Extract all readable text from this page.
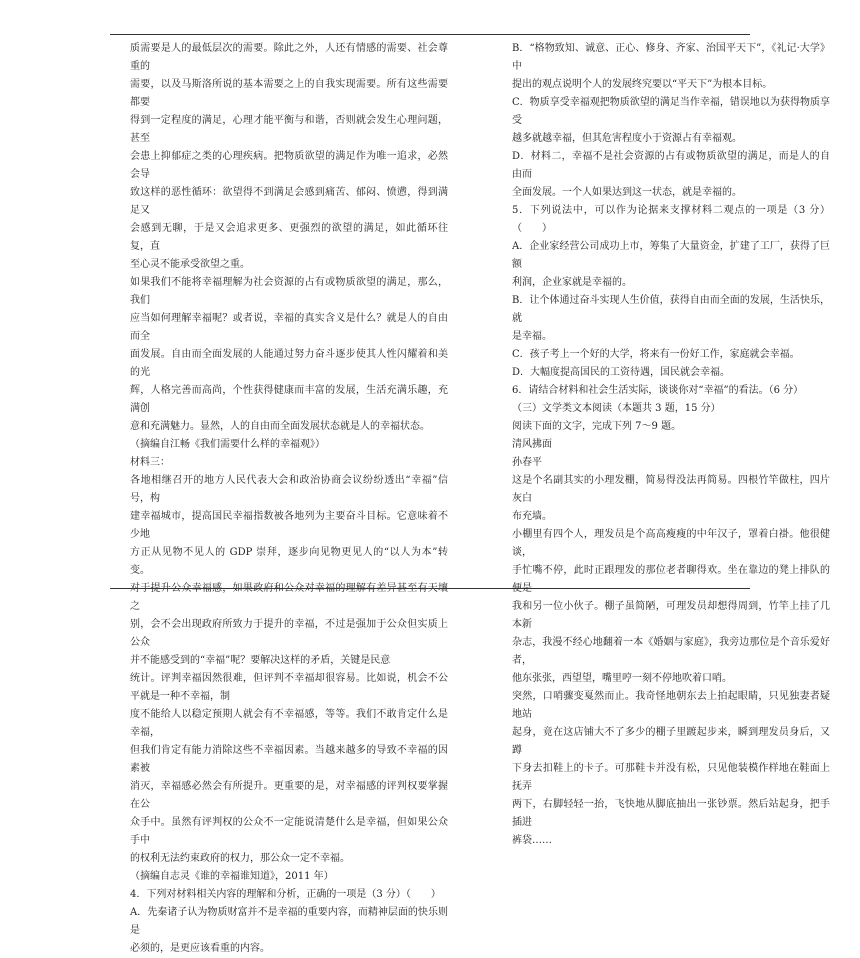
质需要是人的最低层次的需要。除此之外，人还有情感的需要、社会尊重的

需要，以及马斯洛所说的基本需要之上的自我实现需要。所有这些需要都要

得到一定程度的满足，心理才能平衡与和谐，否则就会发生心理问题，甚至

会患上抑郁症之类的心理疾病。把物质欲望的满足作为唯一追求，必然会导

致这样的恶性循环：欲望得不到满足会感到痛苦、郁闷、愤懑，得到满足又

会感到无聊，于是又会追求更多、更强烈的欲望的满足，如此循环往复，直

至心灵不能承受欲望之重。

如果我们不能将幸福理解为社会资源的占有或物质欲望的满足，那么，我们

应当如何理解幸福呢？或者说，幸福的真实含义是什么？就是人的自由而全

面发展。自由而全面发展的人能通过努力奋斗逐步使其人性闪耀着和美的光

辉，人格完善而高尚，个性获得健康而丰富的发展，生活充满乐趣，充满创

意和充满魅力。显然，人的自由而全面发展状态就是人的幸福状态。

（摘编自江畅《我们需要什么样的幸福观》）

材料三：

各地相继召开的地方人民代表大会和政治协商会议纷纷透出“幸福”信号，构

建幸福城市，提高国民幸福指数被各地列为主要奋斗目标。它意味着不少地

方正从见物不见人的 GDP 崇拜，逐步向见物更见人的“以人为本”转变。

之

别，会不会出现政府所致力于提升的幸福，不过是强加于公众但实质上公众

并不能感受到的“幸福”呢？要解决这样的矛盾，关键是民意

统计。评判幸福因然很难，但评判不幸福却很容易。比如说，机会不公平就是一种不幸福，制

度不能给人以稳定预期人就会有不幸福感，等等。我们不敢肯定什么是幸福，

但我们肯定有能力消除这些不幸福因素。当越来越多的导致不幸福的因素被

消灭，幸福感必然会有所提升。更重要的是，对幸福感的评判权要掌握在公

众手中。虽然有评判权的公众不一定能说清楚什么是幸福，但如果公众手中

的权利无法约束政府的权力，那公众一定不幸福。

（摘编自志灵《谁的幸福谁知道》，2011 年）

4．下列对材料相关内容的理解和分析，正确的一项是（3 分）（　　）

A．先秦诸子认为物质财富并不是幸福的重要内容，而精神层面的快乐则是

必须的，是更应该看重的内容。

B．“格物致知、诚意、正心、修身、齐家、治国平天下”，《礼记·大学》中

提出的观点说明个人的发展终究要以“平天下”为根本目标。

C．物质享受幸福观把物质欲望的满足当作幸福，错误地以为获得物质享受

越多就越幸福，但其危害程度小于资源占有幸福观。

D．材料二，幸福不是社会资源的占有或物质欲望的满足，而是人的自由而

全面发展。一个人如果达到这一状态，就是幸福的。

5．下列说法中，可以作为论据来支撑材料二观点的一项是（3 分）（　　）

A．企业家经营公司成功上市，筹集了大量资金，扩建了工厂，获得了巨额

利润，企业家就是幸福的。

B．让个体通过奋斗实现人生价值，获得自由而全面的发展，生活快乐，就

是幸福。

C．孩子考上一个好的大学，将来有一份好工作，家庭就会幸福。

D．大幅度提高国民的工资待遇，国民就会幸福。

6．请结合材料和社会生活实际，谈谈你对“幸福”的看法。（6 分）

（三）文学类文本阅读（本题共 3 题，15 分）

阅读下面的文字，完成下列 7～9 题。

清风拂面

孙春平

这是个名副其实的小理发棚，简易得没法再简易。四根竹竿做柱，四片灰白

布充墙。

小棚里有四个人，理发员是个高高瘦瘦的中年汉子，罩着白褂。他很健谈，

手忙嘴不停，此时正跟理发的那位老者聊得欢。坐在靠边的凳上排队的

我和另一位小伙子。棚子虽简陋，可理发员却想得周到，竹竿上挂了几本新

杂志，我漫不经心地翻着一本《婚姻与家庭》，我旁边那位是个音乐爱好者，

他东张张，西望望，嘴里哼一刻不停地吹着口哨。

突然，口哨骤变戛然而止。我奇怪地朝东去上拍起眼睛，只见独妻者疑地站

起身，竟在这店铺大不了多少的棚子里踱起步来，瞬到理发员身后，又蹲

下身去扣鞋上的卡子。可那鞋卡并没有松，只见他装模作样地在鞋面上抚弄

两下，右脚轻轻一抬，飞快地从脚底抽出一张钞票。然后站起身，把手插进

裤袋……
